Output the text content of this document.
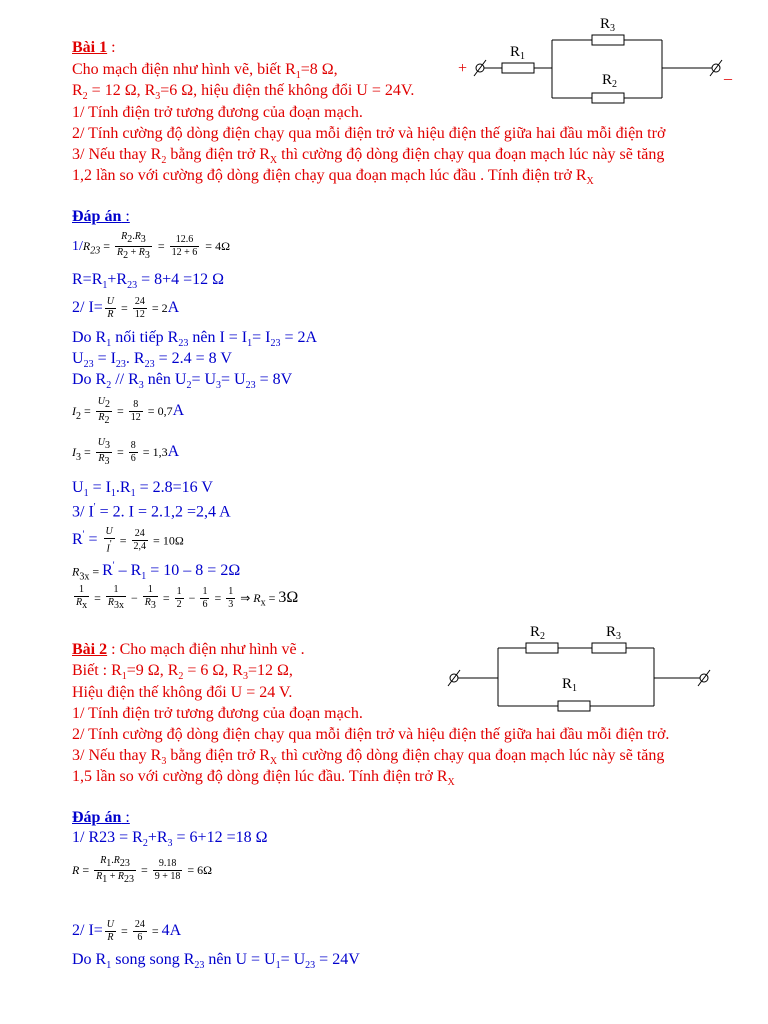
Bài 1 :
Cho mạch điện như hình vẽ, biết $R_1=8$ Ω,
$R_2 = 12$ Ω, $R_3=6$ Ω, hiệu điện thế không đổi U = 24V.
1/ Tính điện trở tương đương của đoạn mạch.
2/ Tính cường độ dòng điện chạy qua mỗi điện trở và hiệu điện thế giữa hai đầu mỗi điện trở
3/ Nếu thay $R_2$ bằng điện trở $R_X$ thì cường độ dòng điện chạy qua đoạn mạch lúc này sẽ tăng
1,2 lần so với cường độ dòng điện chạy qua đoạn mạch lúc đầu . Tính điện trở $R_X$
+	_
$R_1$
$R_3$
$R_2$
Đáp án :
$1/R_{23} = \frac{R_2.R_3}{R_2 + R_3} = \frac{12.6}{12 + 6} = 4\Omega$
$R=R_1+R_{23} = 8+4 =12$ Ω
2/ $I= \frac{U}{R} = \frac{24}{12} = 2A$
Do $R_1$ nối tiếp $R_{23}$ nên $I = I_1= I_{23} = 2A$
$U_{23} = I_{23}$. $R_{23} = 2.4 = 8$ V
Do $R_2 // R_3$ nên $U_2= U_3= U_{23} = 8V$
$I_2 = \frac{U_2}{R_2} = \frac{8}{12} = 0,7A$
$I_3 = \frac{U_3}{R_3} = \frac{8}{6} = 1,3A$
$U_1 = I_1.R_1 = 2.8=16$ V
3/ I' = 2. I = 2.1,2 =2,4 A
$R' = \frac{U}{I'} = \frac{24}{2,4} = 10\Omega$
$R_{3x} = R' - R_1 = 10 - 8 = 2\Omega$
$\frac{1}{R_x} = \frac{1}{R_{3x}} - \frac{1}{R_3} = \frac{1}{2} - \frac{1}{6} = \frac{1}{3}$ ⇒ $R_x = 3\Omega$
Bài 2 : Cho mạch điện như hình vẽ .
Biết : $R_1=9$ Ω, $R_2 = 6$ Ω, $R_3=12$ Ω,
Hiệu điện thế không đổi U = 24 V.
1/ Tính điện trở tương đương của đoạn mạch.
2/ Tính cường độ dòng điện chạy qua mỗi điện trở và hiệu điện thế giữa hai đầu mỗi điện trở.
3/ Nếu thay $R_3$ bằng điện trở $R_X$ thì cường độ dòng điện chạy qua đoạn mạch lúc này sẽ tăng
1,5 lần so với cường độ dòng điện lúc đầu. Tính điện trở $R_X$
$R_2$	$R_3$
$R_1$
Đáp án :
1/ $R23 = R_2+R_3 = 6+12 =18$ Ω
$R = \frac{R_1.R_{23}}{R_1 + R_{23}} = \frac{9.18}{9 + 18} = 6\Omega$
2/ $I= \frac{U}{R} = \frac{24}{6} = 4A$
Do $R_1$ song song $R_{23}$ nên $U = U_1= U_{23} = 24V$
